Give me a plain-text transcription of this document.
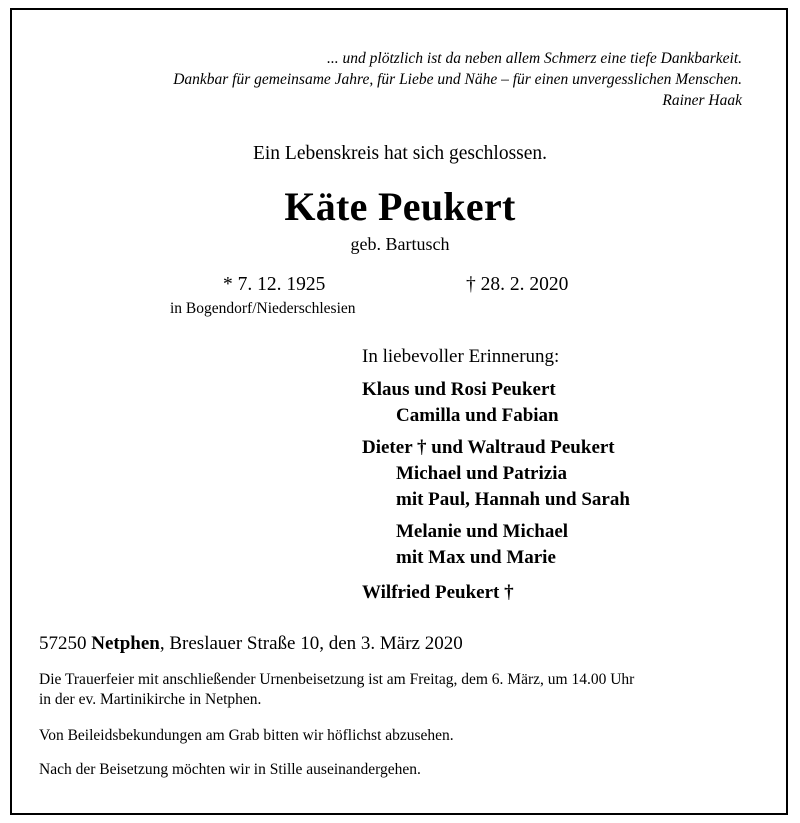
... und plötzlich ist da neben allem Schmerz eine tiefe Dankbarkeit.
Dankbar für gemeinsame Jahre, für Liebe und Nähe – für einen unvergesslichen Menschen.
Rainer Haak
Ein Lebenskreis hat sich geschlossen.
Käte Peukert
geb. Bartusch
* 7. 12. 1925
in Bogendorf/Niederschlesien
† 28. 2. 2020
In liebevoller Erinnerung:
Klaus und Rosi Peukert
Camilla und Fabian
Dieter † und Waltraud Peukert
Michael und Patrizia
mit Paul, Hannah und Sarah
Melanie und Michael
mit Max und Marie
Wilfried Peukert †
57250 Netphen, Breslauer Straße 10, den 3. März 2020
Die Trauerfeier mit anschließender Urnenbeisetzung ist am Freitag, dem 6. März, um 14.00 Uhr
in der ev. Martinikirche in Netphen.
Von Beileidsbekundungen am Grab bitten wir höflichst abzusehen.
Nach der Beisetzung möchten wir in Stille auseinandergehen.
